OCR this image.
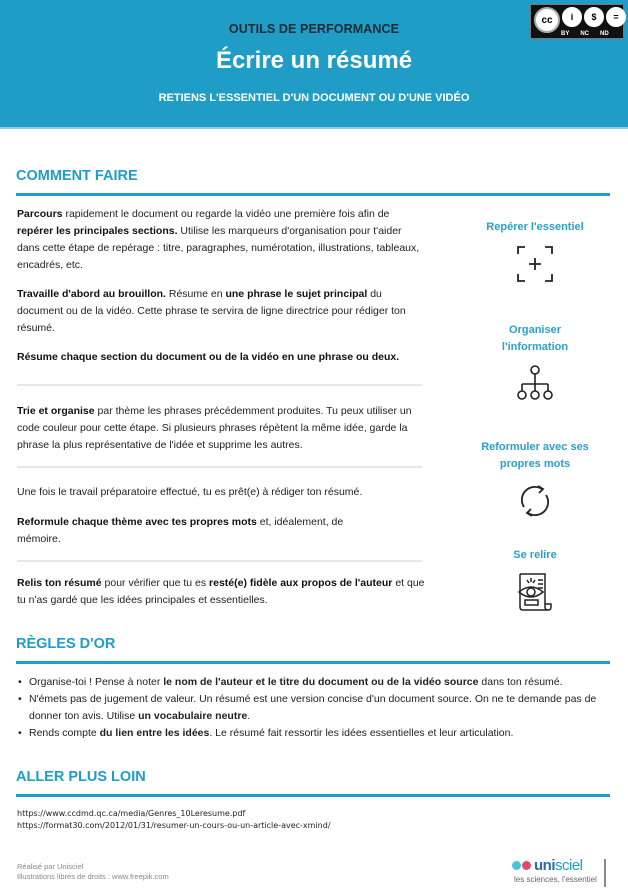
OUTILS DE PERFORMANCE
Écrire un résumé
RETIENS L'ESSENTIEL D'UN DOCUMENT OU D'UNE VIDÉO
cc	i	$	=
BY NC ND
COMMENT FAIRE
Parcours rapidement le document ou regarde la vidéo une première fois afin de repérer les principales sections. Utilise les marqueurs d'organisation pour t'aider dans cette étape de repérage : titre, paragraphes, numérotation, illustrations, tableaux, encadrés, etc.
Travaille d'abord au brouillon. Résume en une phrase le sujet principal du document ou de la vidéo. Cette phrase te servira de ligne directrice pour rédiger ton résumé.
Résume chaque section du document ou de la vidéo en une phrase ou deux.
Trie et organise par thème les phrases précédemment produites. Tu peux utiliser un code couleur pour cette étape. Si plusieurs phrases répètent la même idée, garde la phrase la plus représentative de l'idée et supprime les autres.
Une fois le travail préparatoire effectué, tu es prêt(e) à rédiger ton résumé.
Reformule chaque thème avec tes propres mots et, idéalement, de mémoire.
Relis ton résumé pour vérifier que tu es resté(e) fidèle aux propos de l'auteur et que tu n'as gardé que les idées principales et essentielles.
Repérer l'essentiel
Organiser l'information
Reformuler avec ses propres mots
Se relire
RÈGLES D'OR
• Organise-toi ! Pense à noter le nom de l'auteur et le titre du document ou de la vidéo source dans ton résumé.
• N'émets pas de jugement de valeur. Un résumé est une version concise d'un document source. On ne te demande pas de donner ton avis. Utilise un vocabulaire neutre.
• Rends compte du lien entre les idées. Le résumé fait ressortir les idées essentielles et leur articulation.
ALLER PLUS LOIN
https://www.ccdmd.qc.ca/media/Genres_10Leresume.pdf
https://format30.com/2012/01/31/resumer-un-cours-ou-un-article-avec-xmind/
Réalisé par Unisciel
Illustrations libres de droits : www.freepik.com
unisciel
les sciences, l'essentiel
